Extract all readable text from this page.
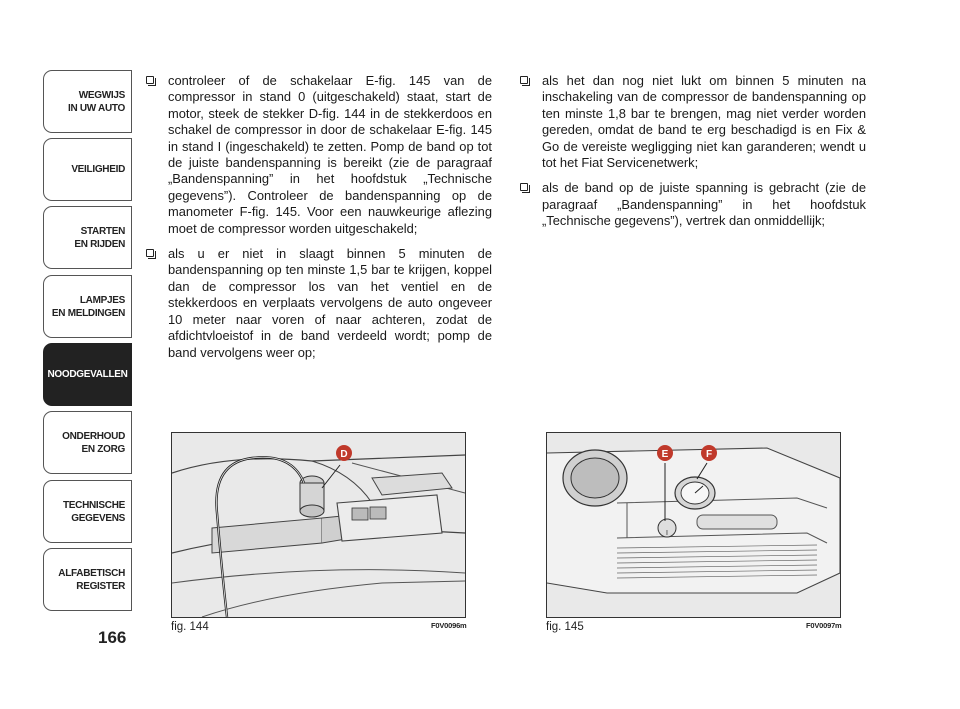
WEGWIJS
IN UW AUTO
VEILIGHEID
STARTEN
EN RIJDEN
LAMPJES
EN MELDINGEN
NOODGEVALLEN
ONDERHOUD
EN ZORG
TECHNISCHE
GEGEVENS
ALFABETISCH
REGISTER
166

controleer of de schakelaar E-fig. 145 van de compressor in stand 0 (uitgeschakeld) staat, start de motor, steek de stekker D-fig. 144 in de stekkerdoos en schakel de compressor in door de schakelaar E-fig. 145 in stand I (ingeschakeld) te zetten. Pomp de band op tot de juiste bandenspanning is bereikt (zie de paragraaf „Bandenspanning” in het hoofdstuk „Technische gegevens”). Controleer de bandenspanning op de manometer F-fig. 145. Voor een nauwkeurige aflezing moet de compressor worden uitgeschakeld;

als u er niet in slaagt binnen 5 minuten de bandenspanning op ten minste 1,5 bar te krijgen, koppel dan de compressor los van het ventiel en de stekkerdoos en verplaats vervolgens de auto ongeveer 10 meter naar voren of naar achteren, zodat de afdichtvloeistof in de band verdeeld wordt; pomp de band vervolgens weer op;

als het dan nog niet lukt om binnen 5 minuten na inschakeling van de compressor de bandenspanning op ten minste 1,8 bar te brengen, mag niet verder worden gereden, omdat de band te erg beschadigd is en Fix & Go de vereiste wegligging niet kan garanderen; wendt u tot het Fiat Servicenetwerk;

als de band op de juiste spanning is gebracht (zie de paragraaf „Bandenspanning” in het hoofdstuk „Technische gegevens”), vertrek dan onmiddellijk;

D
fig. 144	F0V0096m
I
E	F
fig. 145	F0V0097m
